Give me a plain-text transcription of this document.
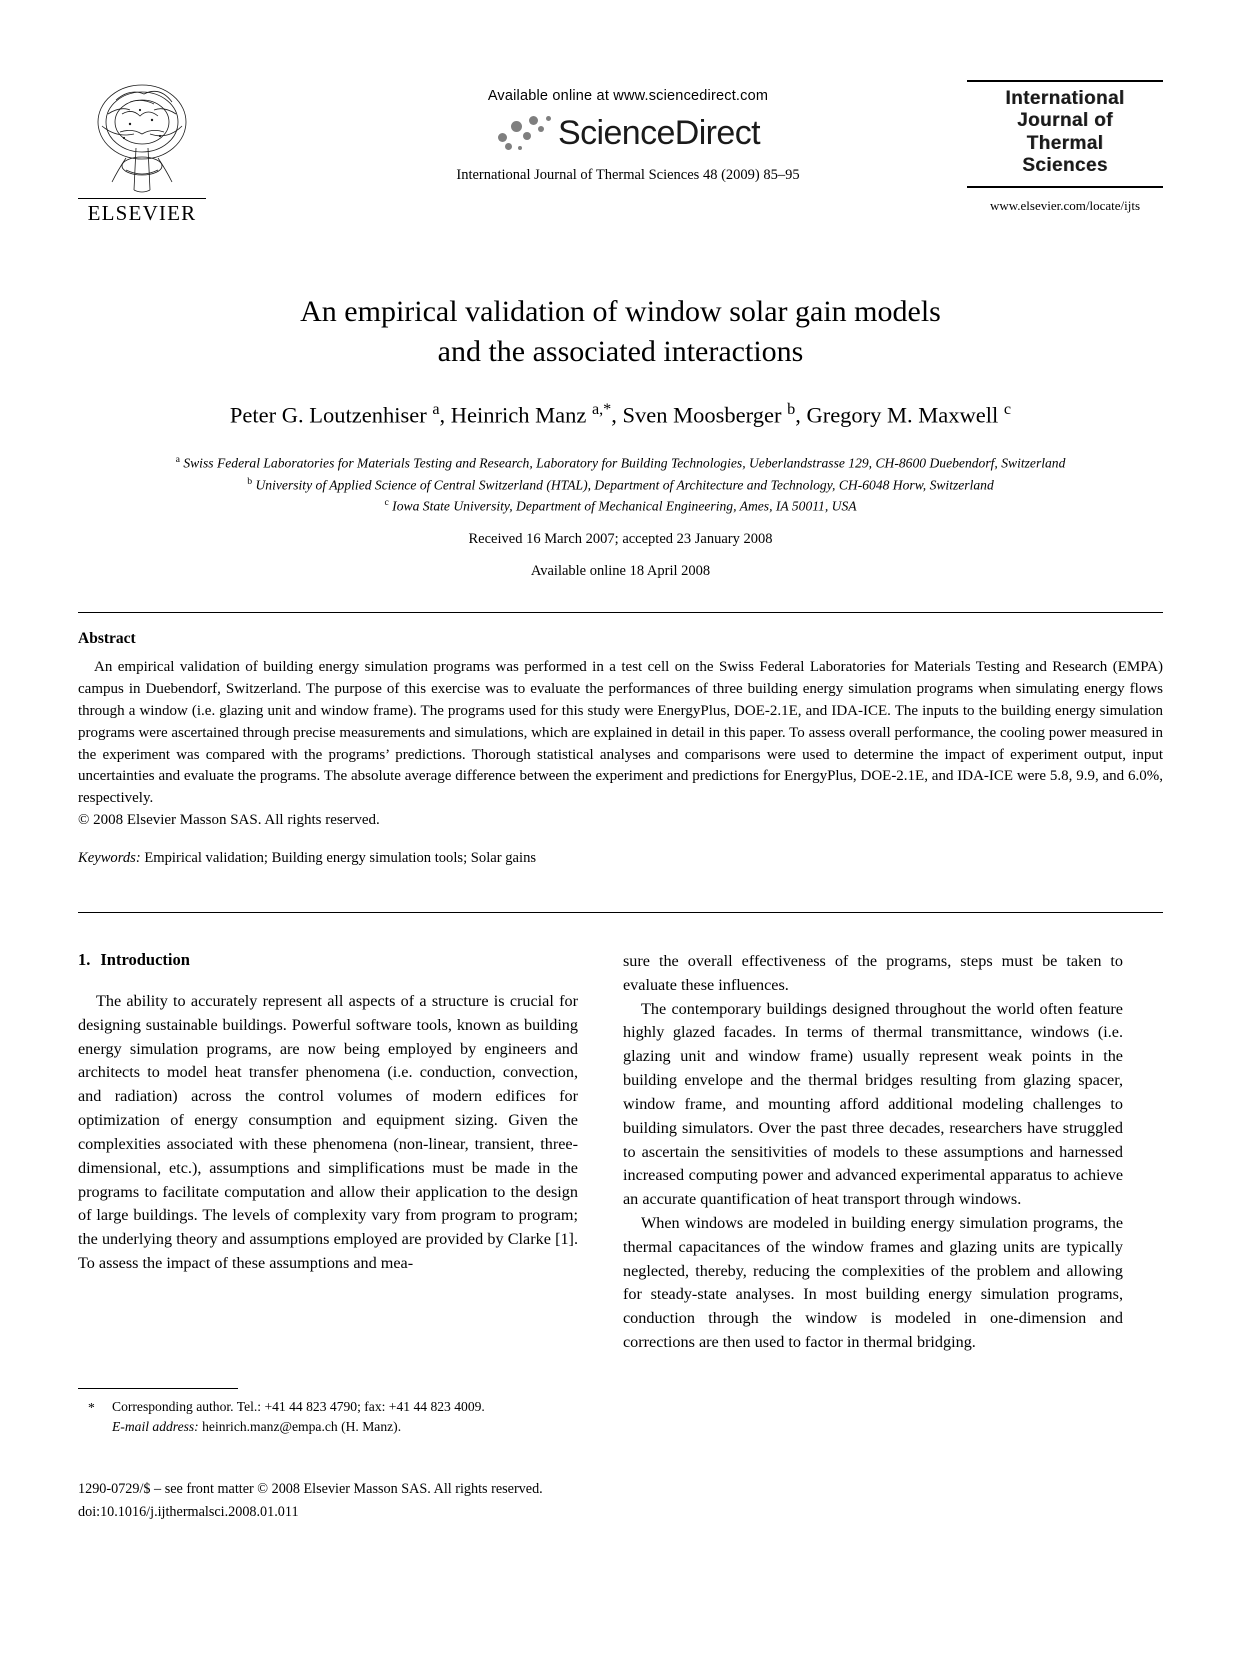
ELSEVIER
Available online at www.sciencedirect.com
ScienceDirect
International Journal of Thermal Sciences 48 (2009) 85–95
International
Journal of
Thermal
Sciences
www.elsevier.com/locate/ijts
An empirical validation of window solar gain models
and the associated interactions
Peter G. Loutzenhiser $^a$, Heinrich Manz $^{a,*}$, Sven Moosberger $^b$, Gregory M. Maxwell $^c$
$^a$ Swiss Federal Laboratories for Materials Testing and Research, Laboratory for Building Technologies, Ueberlandstrasse 129, CH-8600 Duebendorf, Switzerland
$^b$ University of Applied Science of Central Switzerland (HTAL), Department of Architecture and Technology, CH-6048 Horw, Switzerland
$^c$ Iowa State University, Department of Mechanical Engineering, Ames, IA 50011, USA
Received 16 March 2007; accepted 23 January 2008
Available online 18 April 2008
Abstract
An empirical validation of building energy simulation programs was performed in a test cell on the Swiss Federal Laboratories for Materials Testing and Research (EMPA) campus in Duebendorf, Switzerland. The purpose of this exercise was to evaluate the performances of three building energy simulation programs when simulating energy flows through a window (i.e. glazing unit and window frame). The programs used for this study were EnergyPlus, DOE-2.1E, and IDA-ICE. The inputs to the building energy simulation programs were ascertained through precise measurements and simulations, which are explained in detail in this paper. To assess overall performance, the cooling power measured in the experiment was compared with the programs’ predictions. Thorough statistical analyses and comparisons were used to determine the impact of experiment output, input uncertainties and evaluate the programs. The absolute average difference between the experiment and predictions for EnergyPlus, DOE-2.1E, and IDA-ICE were 5.8, 9.9, and 6.0%, respectively.
© 2008 Elsevier Masson SAS. All rights reserved.
Keywords: Empirical validation; Building energy simulation tools; Solar gains
1. Introduction

The ability to accurately represent all aspects of a structure is crucial for designing sustainable buildings. Powerful software tools, known as building energy simulation programs, are now being employed by engineers and architects to model heat transfer phenomena (i.e. conduction, convection, and radiation) across the control volumes of modern edifices for optimization of energy consumption and equipment sizing. Given the complexities associated with these phenomena (non-linear, transient, three-dimensional, etc.), assumptions and simplifications must be made in the programs to facilitate computation and allow their application to the design of large buildings. The levels of complexity vary from program to program; the underlying theory and assumptions employed are provided by Clarke [1]. To assess the impact of these assumptions and mea-

sure the overall effectiveness of the programs, steps must be taken to evaluate these influences.

The contemporary buildings designed throughout the world often feature highly glazed facades. In terms of thermal transmittance, windows (i.e. glazing unit and window frame) usually represent weak points in the building envelope and the thermal bridges resulting from glazing spacer, window frame, and mounting afford additional modeling challenges to building simulators. Over the past three decades, researchers have struggled to ascertain the sensitivities of models to these assumptions and harnessed increased computing power and advanced experimental apparatus to achieve an accurate quantification of heat transport through windows.

When windows are modeled in building energy simulation programs, the thermal capacitances of the window frames and glazing units are typically neglected, thereby, reducing the complexities of the problem and allowing for steady-state analyses. In most building energy simulation programs, conduction through the window is modeled in one-dimension and corrections are then used to factor in thermal bridging.

* Corresponding author. Tel.: +41 44 823 4790; fax: +41 44 823 4009.
E-mail address: heinrich.manz@empa.ch (H. Manz).
1290-0729/$ – see front matter © 2008 Elsevier Masson SAS. All rights reserved.
doi:10.1016/j.ijthermalsci.2008.01.011
